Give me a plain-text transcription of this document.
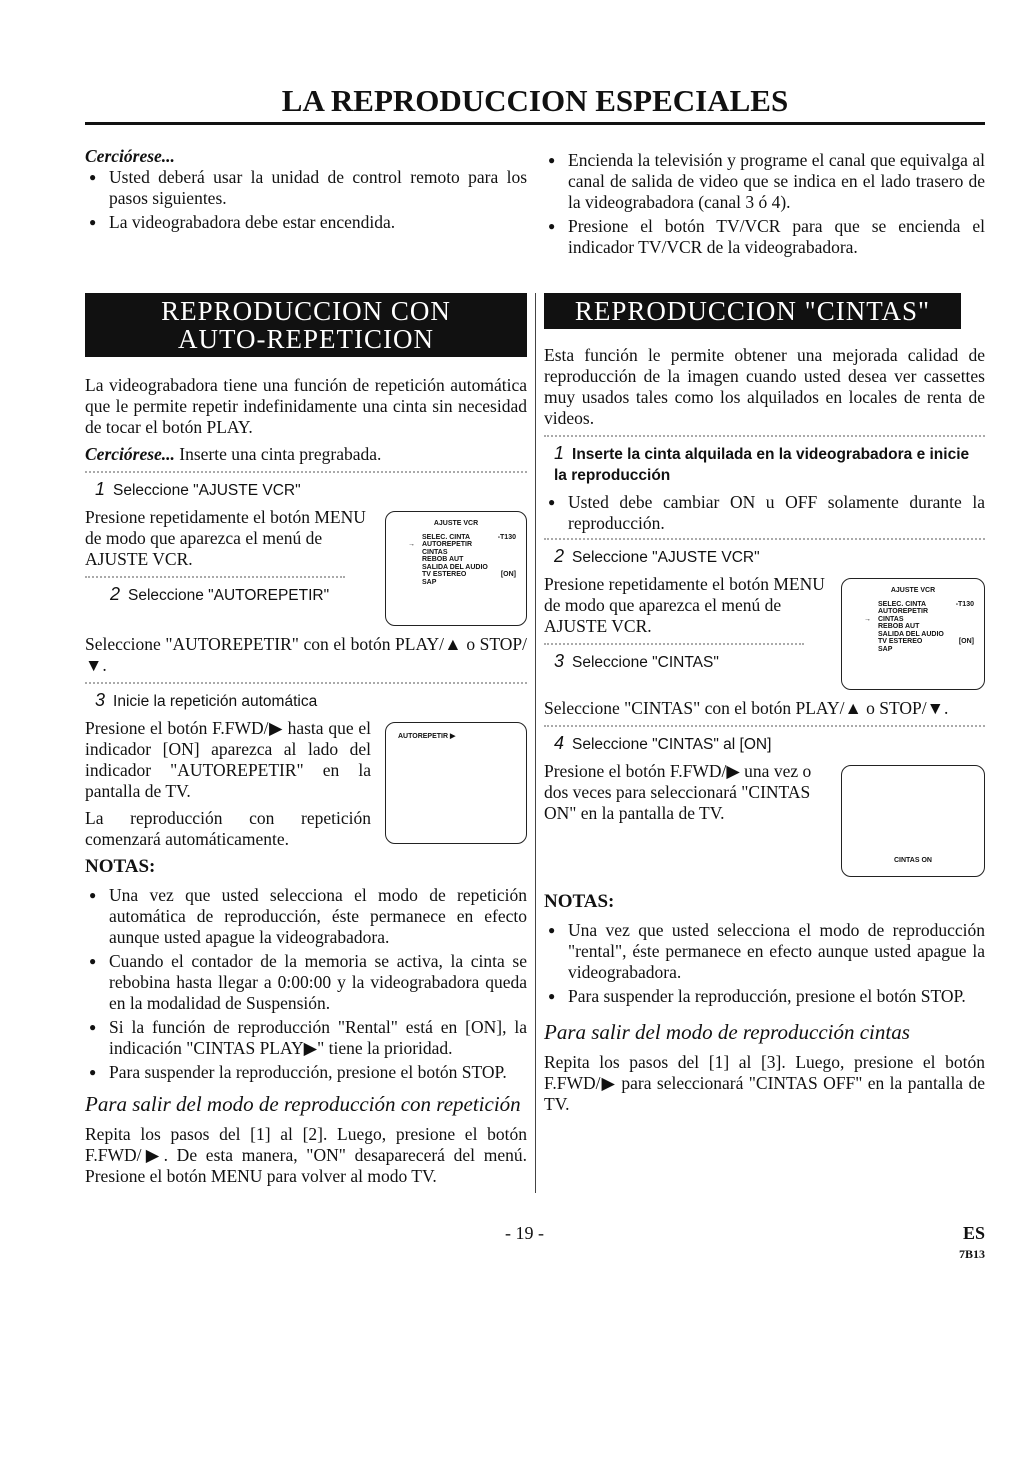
LA REPRODUCCION ESPECIALES
Cerciórese...
● Usted deberá usar la unidad de control remoto para los pasos siguientes.
● La videograbadora debe estar encendida.
● Encienda la televisión y programe el canal que equivalga al canal de salida de video que se indica en el lado trasero de la videograbadora (canal 3 ó 4).
● Presione el botón TV/VCR para que se encienda el indicador TV/VCR de la videograbadora.
REPRODUCCION CON AUTO-REPETICION

La videograbadora tiene una función de repetición automática que le permite repetir indefinidamente una cinta sin necesidad de tocar el botón PLAY.

Cerciórese... Inserte una cinta pregrabada.

1 Seleccione "AJUSTE VCR"
AJUSTE VCR
SELEC. CINTA	-T130
→ AUTOREPETIR
CINTAS
REBOB AUT
SALIDA DEL AUDIO
TV ESTEREO	[ON]
SAP

Presione repetidamente el botón MENU de modo que aparezca el menú de AJUSTE VCR.

2 Seleccione "AUTOREPETIR"

Seleccione "AUTOREPETIR" con el botón PLAY/▲ o STOP/▼.

3 Inicie la repetición automática
AUTOREPETIR ▶

Presione el botón F.FWD/▶ hasta que el indicador [ON] aparezca al lado del indicador "AUTOREPETIR" en la pantalla de TV.

La reproducción con repetición comenzará automáticamente.

NOTAS:
● Una vez que usted selecciona el modo de repetición automática de reproducción, éste permanece en efecto aunque usted apague la videograbadora.
● Cuando el contador de la memoria se activa, la cinta se rebobina hasta llegar a 0:00:00 y la videograbadora queda en la modalidad de Suspensión.
● Si la función de reproducción "Rental" está en [ON], la indicación "CINTAS PLAY▶" tiene la prioridad.
● Para suspender la reproducción, presione el botón STOP.
Para salir del modo de reproducción con repetición

Repita los pasos del [1] al [2]. Luego, presione el botón F.FWD/▶. De esta manera, "ON" desaparecerá del menú. Presione el botón MENU para volver al modo TV.

REPRODUCCION "CINTAS"

Esta función le permite obtener una mejorada calidad de reproducción de la imagen cuando usted desea ver cassettes muy usados tales como los alquilados en locales de renta de videos.

1 Inserte la cinta alquilada en la videograbadora e inicie la reproducción
● Usted debe cambiar ON u OFF solamente durante la reproducción.
2 Seleccione "AJUSTE VCR"
AJUSTE VCR
SELEC. CINTA	-T130
AUTOREPETIR
→ CINTAS
REBOB AUT
SALIDA DEL AUDIO
TV ESTEREO	[ON]
SAP

Presione repetidamente el botón MENU de modo que aparezca el menú de AJUSTE VCR.

3 Seleccione "CINTAS"

Seleccione "CINTAS" con el botón PLAY/▲ o STOP/▼.

4 Seleccione "CINTAS" al [ON]
CINTAS ON

Presione el botón F.FWD/▶ una vez o dos veces para seleccionará "CINTAS ON" en la pantalla de TV.

NOTAS:
● Una vez que usted selecciona el modo de reproducción "rental", éste permanece en efecto aunque usted apague la videograbadora.
● Para suspender la reproducción, presione el botón STOP.
Para salir del modo de reproducción cintas

Repita los pasos del [1] al [3]. Luego, presione el botón F.FWD/▶ para seleccionará "CINTAS OFF" en la pantalla de TV.

- 19 -	ES
7B13
